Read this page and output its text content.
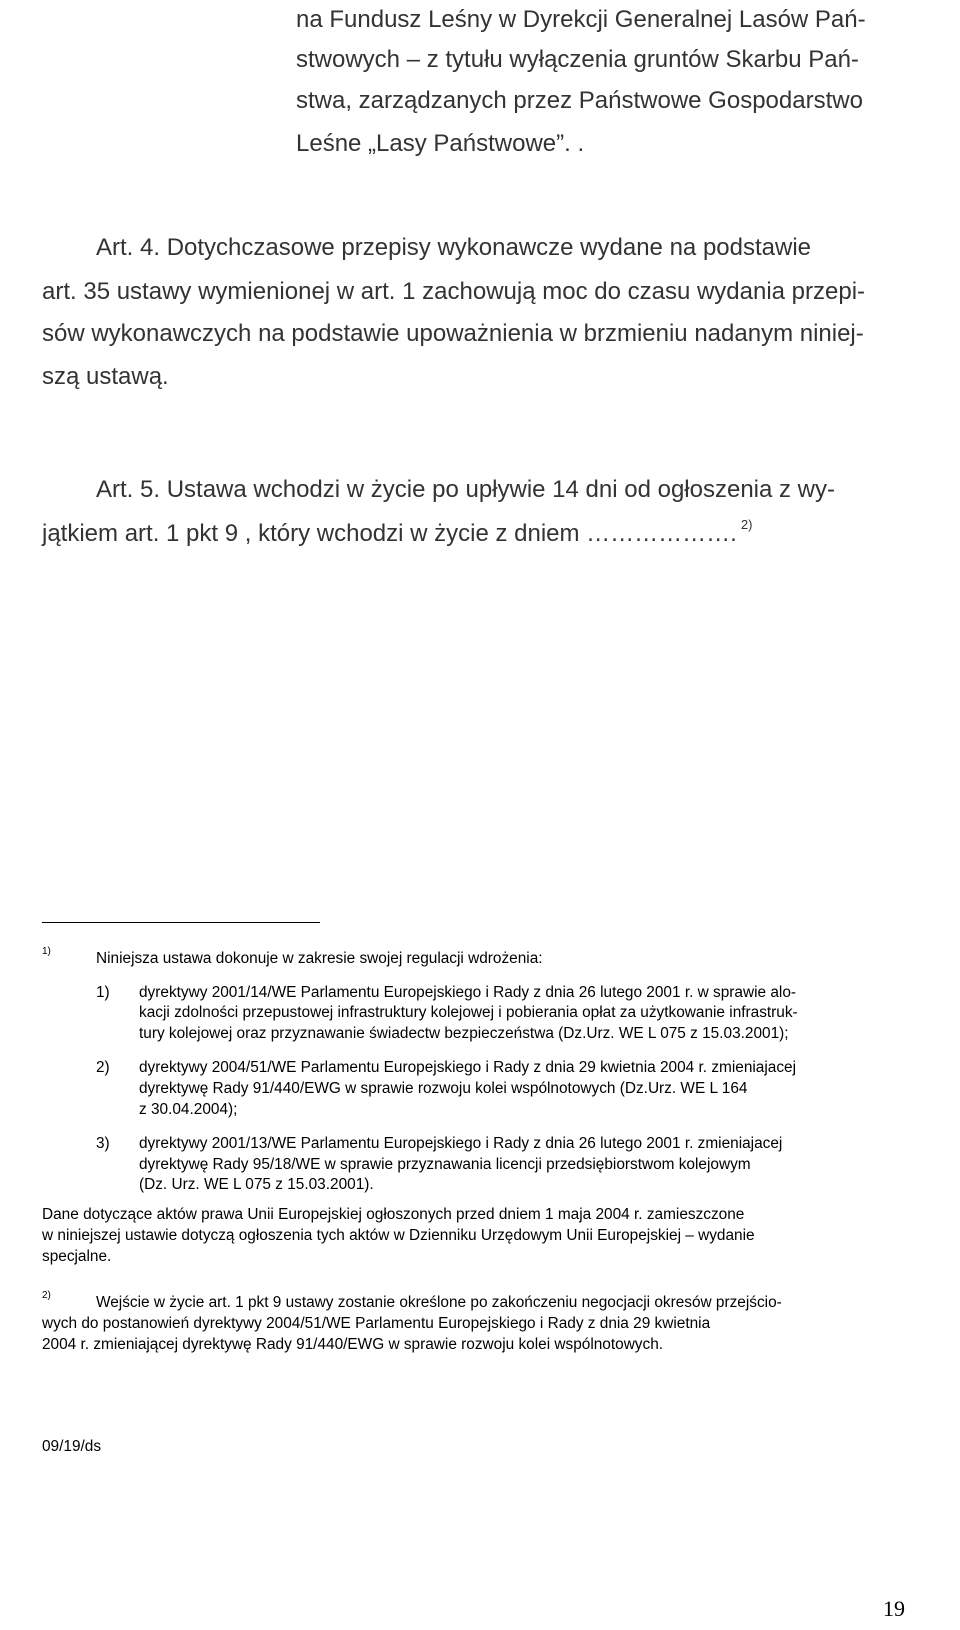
na Fundusz Leśny w Dyrekcji Generalnej Lasów Pań-
stwowych – z tytułu wyłączenia gruntów Skarbu Pań-
stwa, zarządzanych przez Państwowe Gospodarstwo
Leśne „Lasy Państwowe”. .
Art. 4. Dotychczasowe przepisy wykonawcze wydane na podstawie
art. 35 ustawy wymienionej w art. 1 zachowują moc do czasu wydania przepi-
sów wykonawczych na podstawie upoważnienia w brzmieniu nadanym niniej-
szą ustawą.
Art. 5. Ustawa wchodzi w życie po upływie 14 dni od ogłoszenia z wy-
jątkiem art. 1 pkt 9 , który wchodzi w życie z dniem ………………. $^{2)}$
1)	Niniejsza ustawa dokonuje w zakresie swojej regulacji wdrożenia:
1) dyrektywy 2001/14/WE Parlamentu Europejskiego i Rady z dnia 26 lutego 2001 r. w sprawie alo-
kacji zdolności przepustowej infrastruktury kolejowej i pobierania opłat za użytkowanie infrastruk-
tury kolejowej oraz przyznawanie świadectw bezpieczeństwa (Dz.Urz. WE L 075 z 15.03.2001);
2) dyrektywy 2004/51/WE Parlamentu Europejskiego i Rady z dnia 29 kwietnia 2004 r. zmieniajacej
dyrektywę Rady 91/440/EWG w sprawie rozwoju kolei wspólnotowych (Dz.Urz. WE L 164
z 30.04.2004);
3) dyrektywy 2001/13/WE Parlamentu Europejskiego i Rady z dnia 26 lutego 2001 r. zmieniajacej
dyrektywę Rady 95/18/WE w sprawie przyznawania licencji przedsiębiorstwom kolejowym
(Dz. Urz. WE L 075 z 15.03.2001).
Dane dotyczące aktów prawa Unii Europejskiej ogłoszonych przed dniem 1 maja 2004 r. zamieszczone
w niniejszej ustawie dotyczą ogłoszenia tych aktów w Dzienniku Urzędowym Unii Europejskiej – wydanie
specjalne.
2)	Wejście w życie art. 1 pkt 9 ustawy zostanie określone po zakończeniu negocjacji okresów przejścio-
wych do postanowień dyrektywy 2004/51/WE Parlamentu Europejskiego i Rady z dnia 29 kwietnia
2004 r. zmieniającej dyrektywę Rady 91/440/EWG w sprawie rozwoju kolei wspólnotowych.
09/19/ds
19
